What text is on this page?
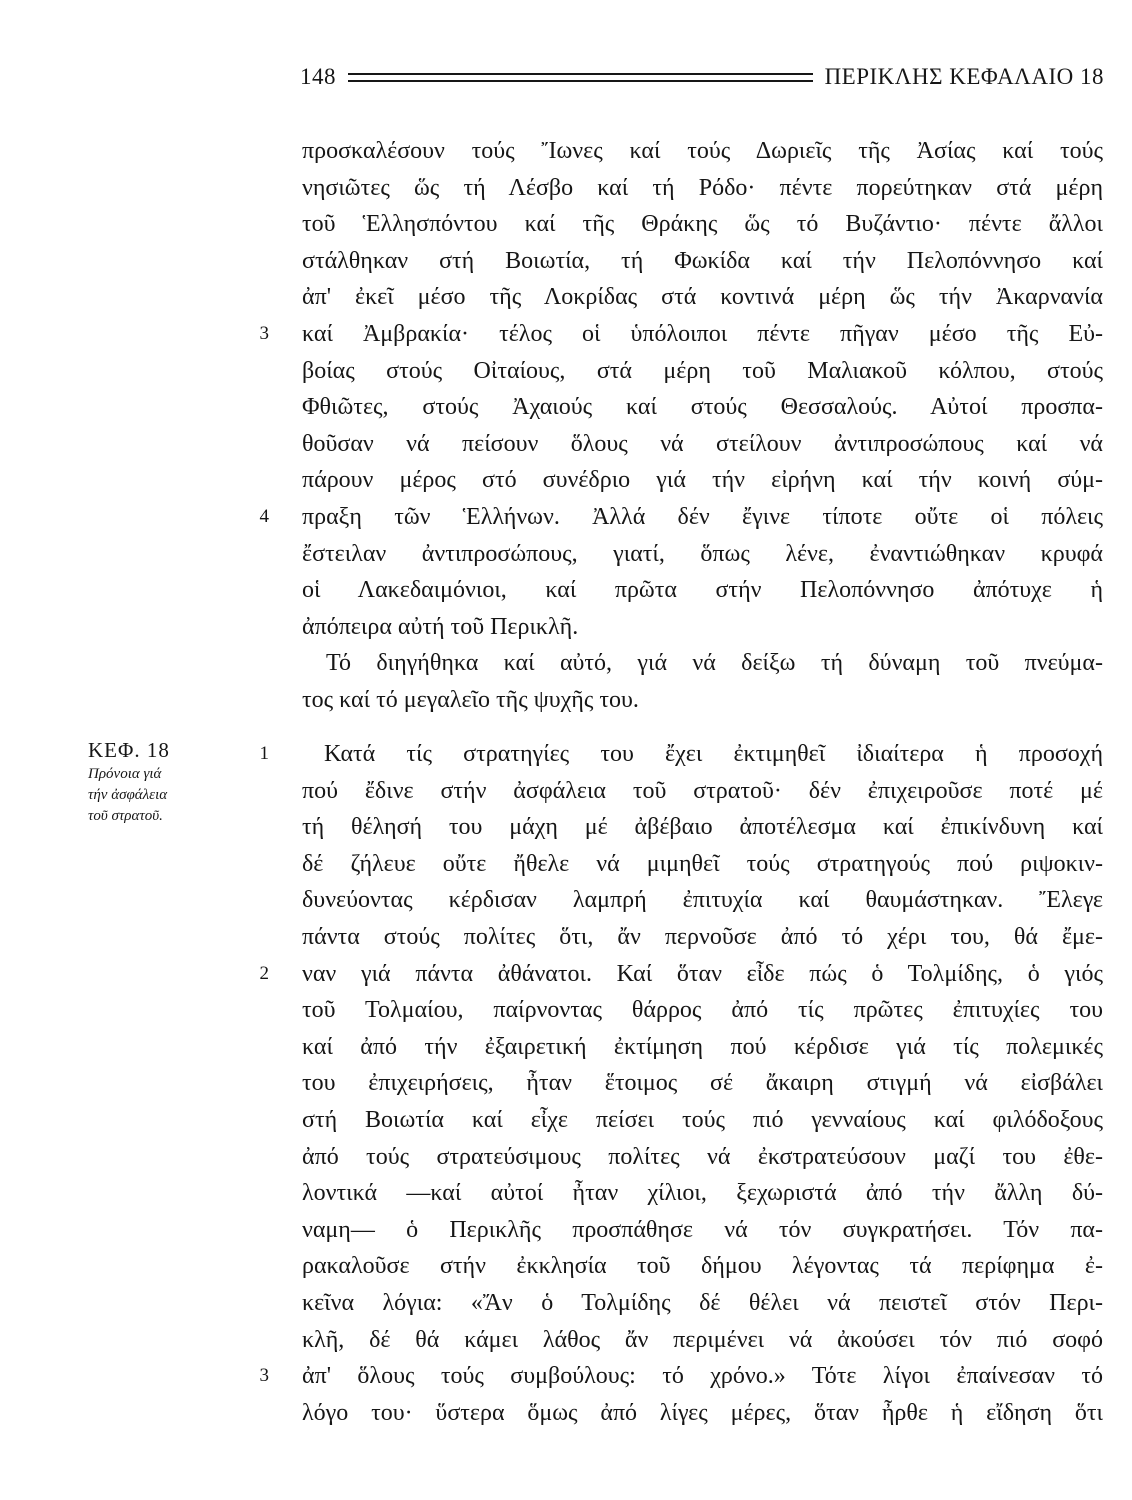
148	ΠΕΡΙΚΛΗΣ ΚΕΦΑΛΑΙΟ 18
προσκαλέσουν τούς Ἴωνες καί τούς Δωριεῖς τῆς Ἀσίας καί τούς
νησιῶτες ὥς τή Λέσβο καί τή Ρόδο· πέντε πορεύτηκαν στά μέρη
τοῦ Ἑλλησπόντου καί τῆς Θράκης ὥς τό Βυζάντιο· πέντε ἄλλοι
στάλθηκαν στή Βοιωτία, τή Φωκίδα καί τήν Πελοπόννησο καί
ἀπ' ἐκεῖ μέσο τῆς Λοκρίδας στά κοντινά μέρη ὥς τήν Ἀκαρνανία
καί Ἀμβρακία· τέλος οἱ ὑπόλοιποι πέντε πῆγαν μέσο τῆς Εὐ-
βοίας στούς Οἰταίους, στά μέρη τοῦ Μαλιακοῦ κόλπου, στούς
Φθιῶτες, στούς Ἀχαιούς καί στούς Θεσσαλούς. Αὐτοί προσπα-
θοῦσαν νά πείσουν ὅλους νά στείλουν ἀντιπροσώπους καί νά
πάρουν μέρος στό συνέδριο γιά τήν εἰρήνη καί τήν κοινή σύμ-
πραξη τῶν Ἑλλήνων. Ἀλλά δέν ἔγινε τίποτε οὔτε οἱ πόλεις
ἔστειλαν ἀντιπροσώπους, γιατί, ὅπως λένε, ἐναντιώθηκαν κρυφά
οἱ Λακεδαιμόνιοι, καί πρῶτα στήν Πελοπόννησο ἀπότυχε ἡ
ἀπόπειρα αὐτή τοῦ Περικλῆ.
Τό διηγήθηκα καί αὐτό, γιά νά δείξω τή δύναμη τοῦ πνεύμα-
τος καί τό μεγαλεῖο τῆς ψυχῆς του.
3
4
ΚΕΦ. 18
Πρόνοια γιά
τήν ἀσφάλεια
τοῦ στρατοῦ.
Κατά τίς στρατηγίες του ἔχει ἐκτιμηθεῖ ἰδιαίτερα ἡ προσοχή
πού ἔδινε στήν ἀσφάλεια τοῦ στρατοῦ· δέν ἐπιχειροῦσε ποτέ μέ
τή θέλησή του μάχη μέ ἀβέβαιο ἀποτέλεσμα καί ἐπικίνδυνη καί
δέ ζήλευε οὔτε ἤθελε νά μιμηθεῖ τούς στρατηγούς πού ριψοκιν-
δυνεύοντας κέρδισαν λαμπρή ἐπιτυχία καί θαυμάστηκαν. Ἔλεγε
πάντα στούς πολίτες ὅτι, ἄν περνοῦσε ἀπό τό χέρι του, θά ἔμε-
ναν γιά πάντα ἀθάνατοι. Καί ὅταν εἶδε πώς ὁ Τολμίδης, ὁ γιός
τοῦ Τολμαίου, παίρνοντας θάρρος ἀπό τίς πρῶτες ἐπιτυχίες του
καί ἀπό τήν ἐξαιρετική ἐκτίμηση πού κέρδισε γιά τίς πολεμικές
του ἐπιχειρήσεις, ἦταν ἕτοιμος σέ ἄκαιρη στιγμή νά εἰσβάλει
στή Βοιωτία καί εἶχε πείσει τούς πιό γενναίους καί φιλόδοξους
ἀπό τούς στρατεύσιμους πολίτες νά ἐκστρατεύσουν μαζί του ἐθε-
λοντικά —καί αὐτοί ἦταν χίλιοι, ξεχωριστά ἀπό τήν ἄλλη δύ-
ναμη— ὁ Περικλῆς προσπάθησε νά τόν συγκρατήσει. Τόν πα-
ρακαλοῦσε στήν ἐκκλησία τοῦ δήμου λέγοντας τά περίφημα ἐ-
κεῖνα λόγια: «Ἄν ὁ Τολμίδης δέ θέλει νά πειστεῖ στόν Περι-
κλῆ, δέ θά κάμει λάθος ἄν περιμένει νά ἀκούσει τόν πιό σοφό
ἀπ' ὅλους τούς συμβούλους: τό χρόνο.» Τότε λίγοι ἐπαίνεσαν τό
λόγο του· ὕστερα ὅμως ἀπό λίγες μέρες, ὅταν ἦρθε ἡ εἴδηση ὅτι
1
2
3
